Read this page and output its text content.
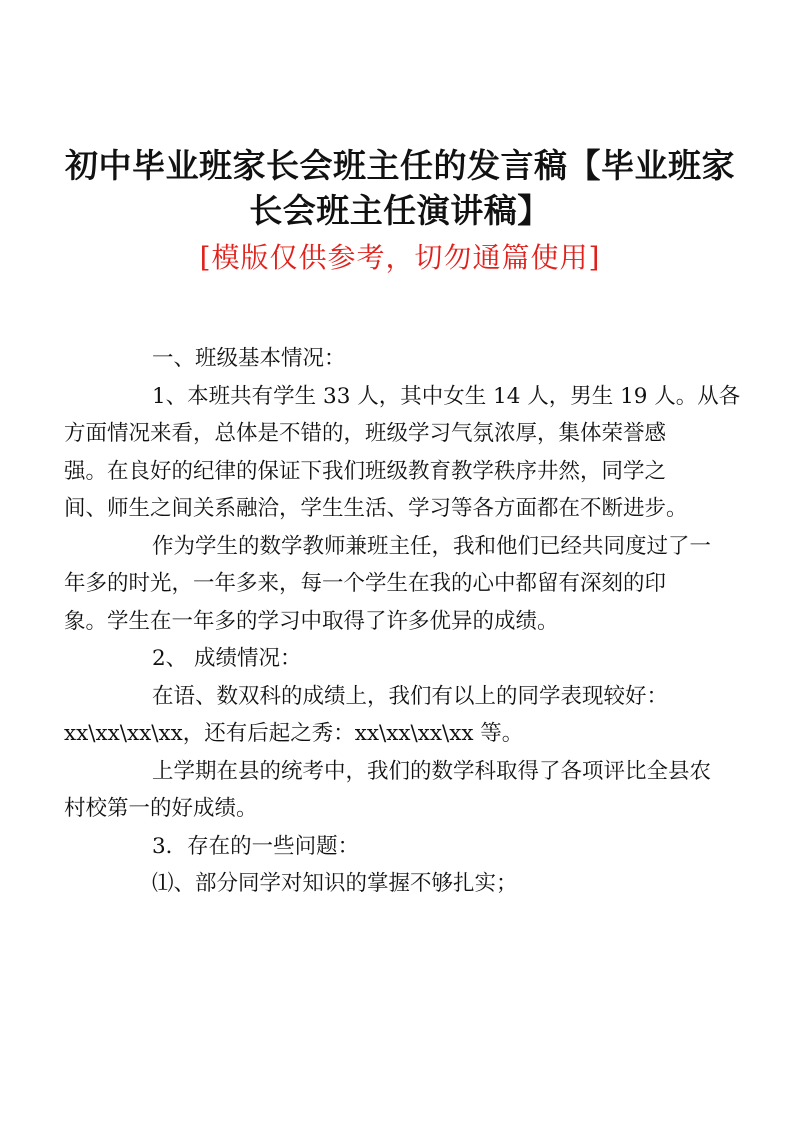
初中毕业班家长会班主任的发言稿【毕业班家
长会班主任演讲稿】
[模版仅供参考，切勿通篇使用]

一、班级基本情况：

1、本班共有学生 33 人，其中女生 14 人，男生 19 人。从各

方面情况来看，总体是不错的，班级学习气氛浓厚，集体荣誉感

强。在良好的纪律的保证下我们班级教育教学秩序井然，同学之

间、师生之间关系融洽，学生生活、学习等各方面都在不断进步。

作为学生的数学教师兼班主任，我和他们已经共同度过了一

年多的时光，一年多来，每一个学生在我的心中都留有深刻的印

象。学生在一年多的学习中取得了许多优异的成绩。

2、 成绩情况：

在语、数双科的成绩上，我们有以上的同学表现较好：

xx\xx\xx\xx，还有后起之秀：xx\xx\xx\xx 等。

上学期在县的统考中，我们的数学科取得了各项评比全县农

村校第一的好成绩。

3．存在的一些问题：

⑴、部分同学对知识的掌握不够扎实；
